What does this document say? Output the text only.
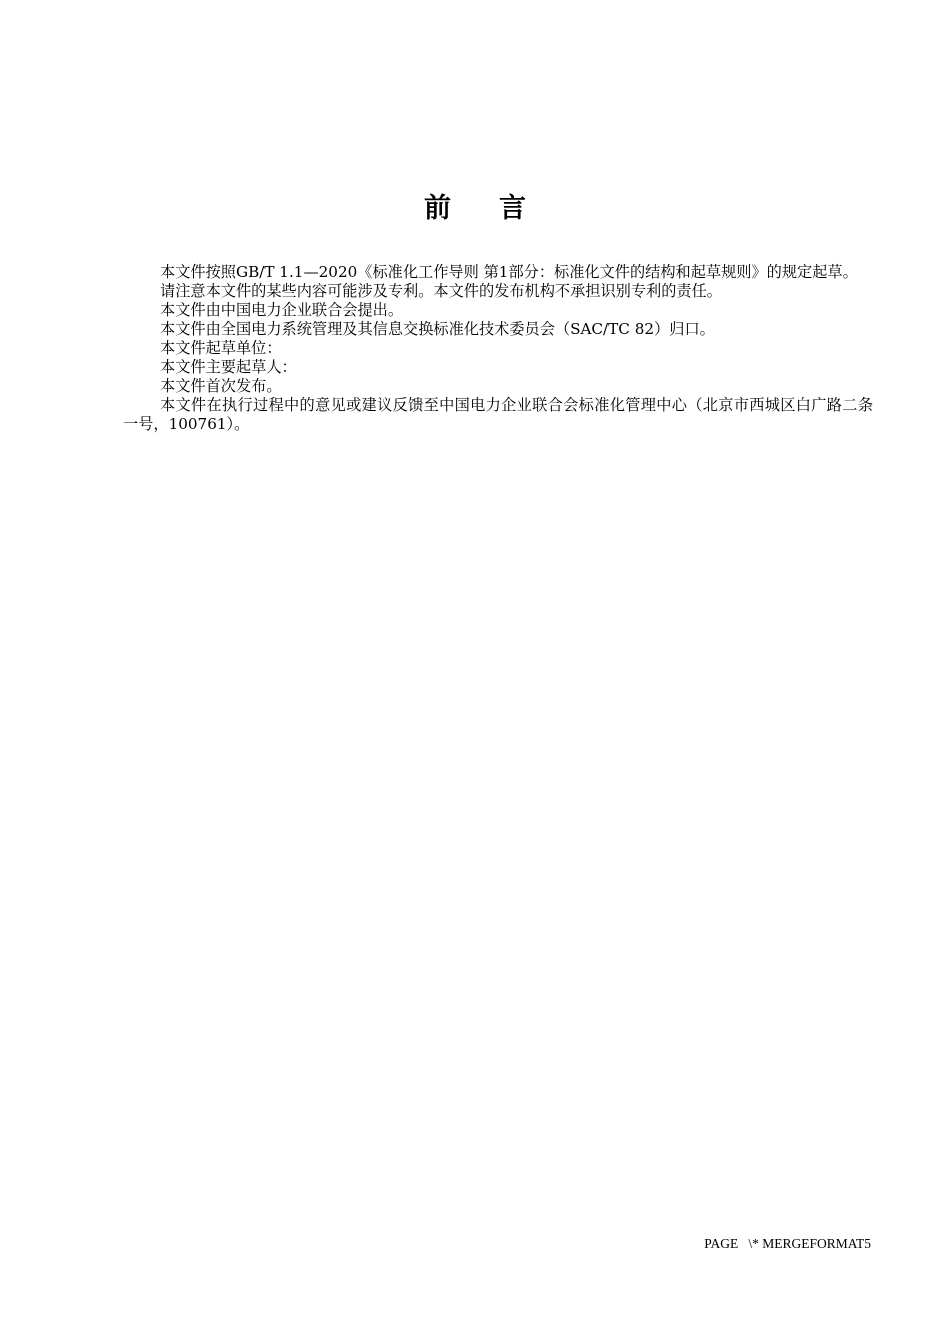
前 言

本文件按照GB/T 1.1—2020《标准化工作导则 第1部分：标准化文件的结构和起草规则》的规定起草。

请注意本文件的某些内容可能涉及专利。本文件的发布机构不承担识别专利的责任。

本文件由中国电力企业联合会提出。

本文件由全国电力系统管理及其信息交换标准化技术委员会（SAC/TC 82）归口。

本文件起草单位：

本文件主要起草人：

本文件首次发布。

本文件在执行过程中的意见或建议反馈至中国电力企业联合会标准化管理中心（北京市西城区白广路二条一号，100761）。

PAGE   \* MERGEFORMAT5
